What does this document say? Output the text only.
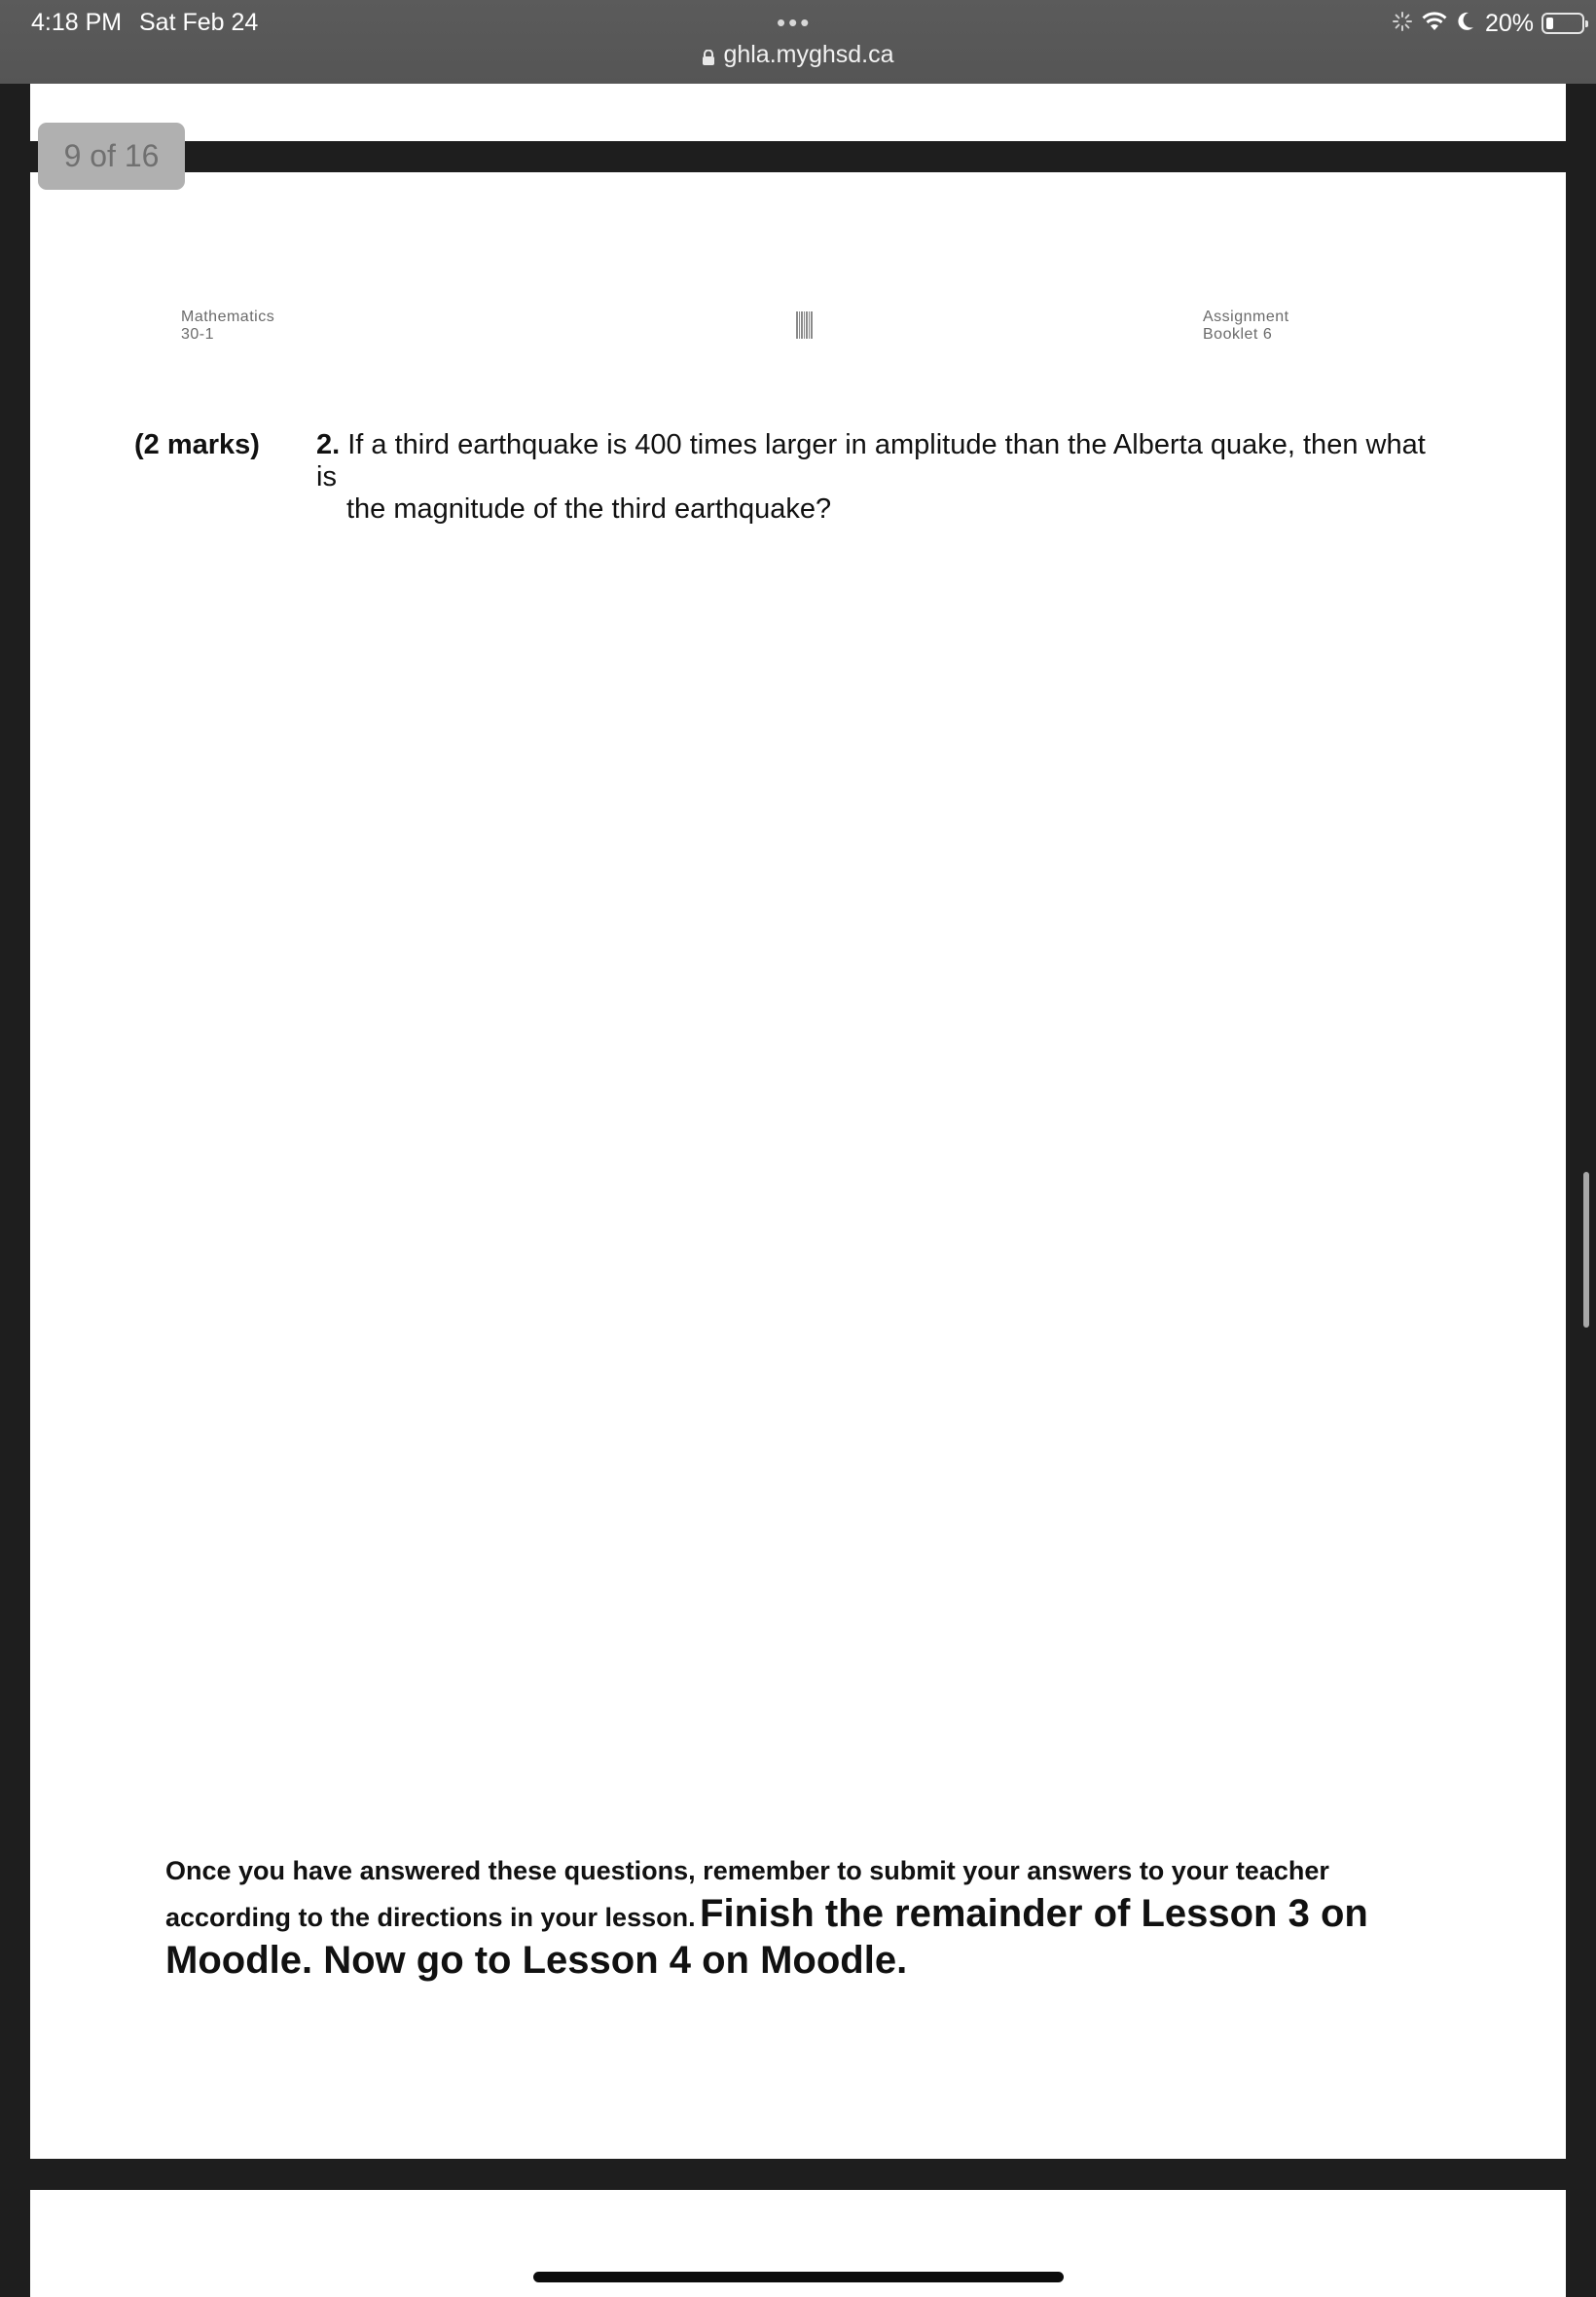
4:18 PM Sat Feb 24	•••
ghla.myghsd.ca
20%
9 of 16
Mathematics
30-1
Assignment
Booklet 6
(2 marks) 2. If a third earthquake is 400 times larger in amplitude than the Alberta quake, then what is
the magnitude of the third earthquake?
Once you have answered these questions, remember to submit your answers to your teacher according to the directions in your lesson. Finish the remainder of Lesson 3 on Moodle. Now go to Lesson 4 on Moodle.
